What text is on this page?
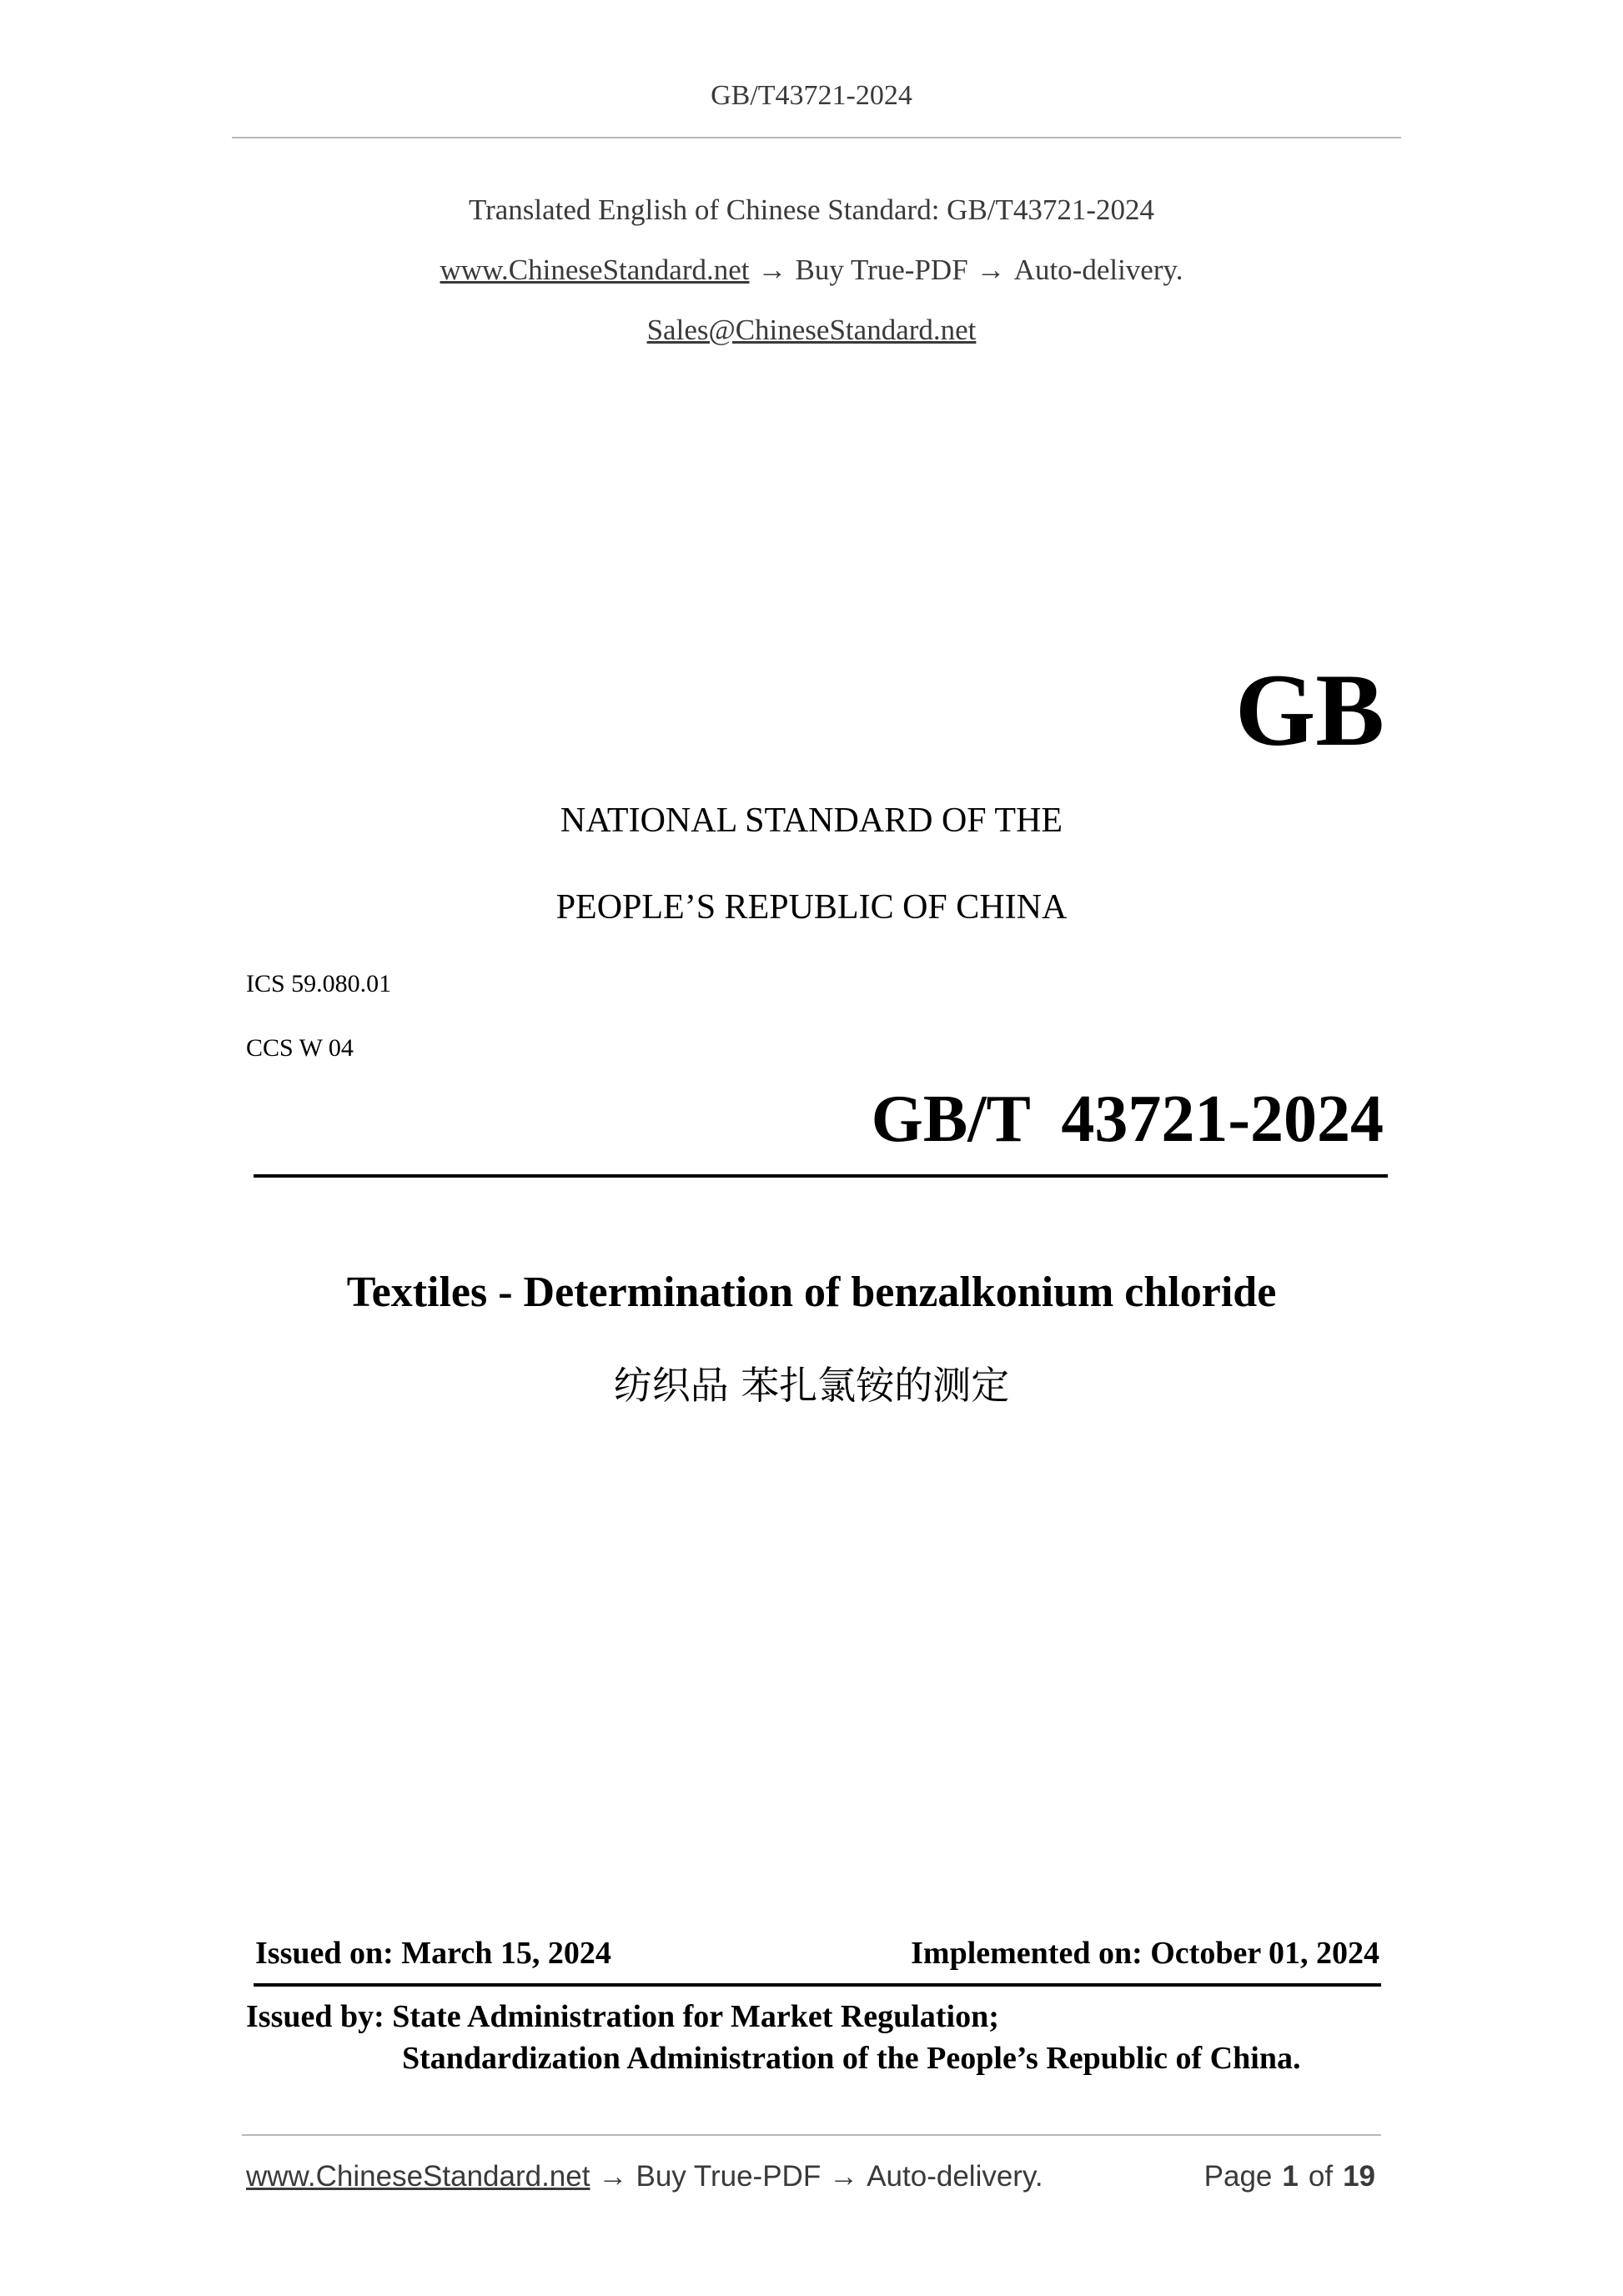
GB/T43721-2024
Translated English of Chinese Standard: GB/T43721-2024
www.ChineseStandard.net → Buy True-PDF → Auto-delivery.
Sales@ChineseStandard.net
GB
NATIONAL STANDARD OF THE
PEOPLE’S REPUBLIC OF CHINA
ICS 59.080.01
CCS W 04
GB/T 43721-2024
Textiles - Determination of benzalkonium chloride
纺织品 苯扎氯铵的测定
Issued on: March 15, 2024	Implemented on: October 01, 2024
Issued by: State Administration for Market Regulation;
Standardization Administration of the People’s Republic of China.
www.ChineseStandard.net → Buy True-PDF → Auto-delivery.	Page 1 of 19
